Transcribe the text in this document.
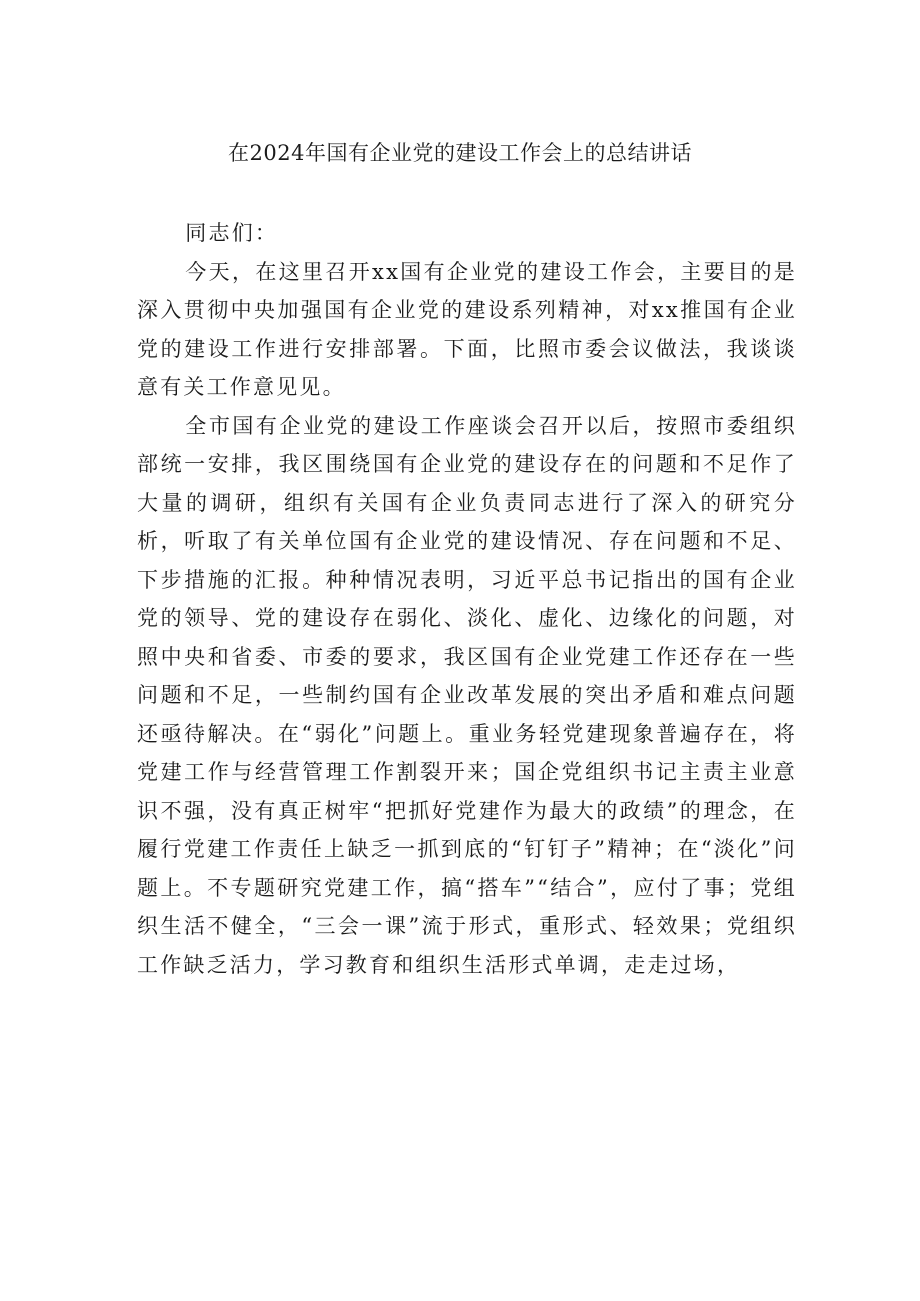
在2024年国有企业党的建设工作会上的总结讲话

同志们：

今天，在这里召开xx国有企业党的建设工作会，主要目的是深入贯彻中央加强国有企业党的建设系列精神，对xx推国有企业党的建设工作进行安排部署。下面，比照市委会议做法，我谈谈意有关工作意见见。

全市国有企业党的建设工作座谈会召开以后，按照市委组织部统一安排，我区围绕国有企业党的建设存在的问题和不足作了大量的调研，组织有关国有企业负责同志进行了深入的研究分析，听取了有关单位国有企业党的建设情况、存在问题和不足、下步措施的汇报。种种情况表明，习近平总书记指出的国有企业党的领导、党的建设存在弱化、淡化、虚化、边缘化的问题，对照中央和省委、市委的要求，我区国有企业党建工作还存在一些问题和不足，一些制约国有企业改革发展的突出矛盾和难点问题还亟待解决。在“弱化”问题上。重业务轻党建现象普遍存在，将党建工作与经营管理工作割裂开来；国企党组织书记主责主业意识不强，没有真正树牢“把抓好党建作为最大的政绩”的理念，在履行党建工作责任上缺乏一抓到底的“钉钉子”精神；在“淡化”问题上。不专题研究党建工作，搞“搭车”“结合”，应付了事；党组织生活不健全，“三会一课”流于形式，重形式、轻效果；党组织工作缺乏活力，学习教育和组织生活形式单调，走走过场，
